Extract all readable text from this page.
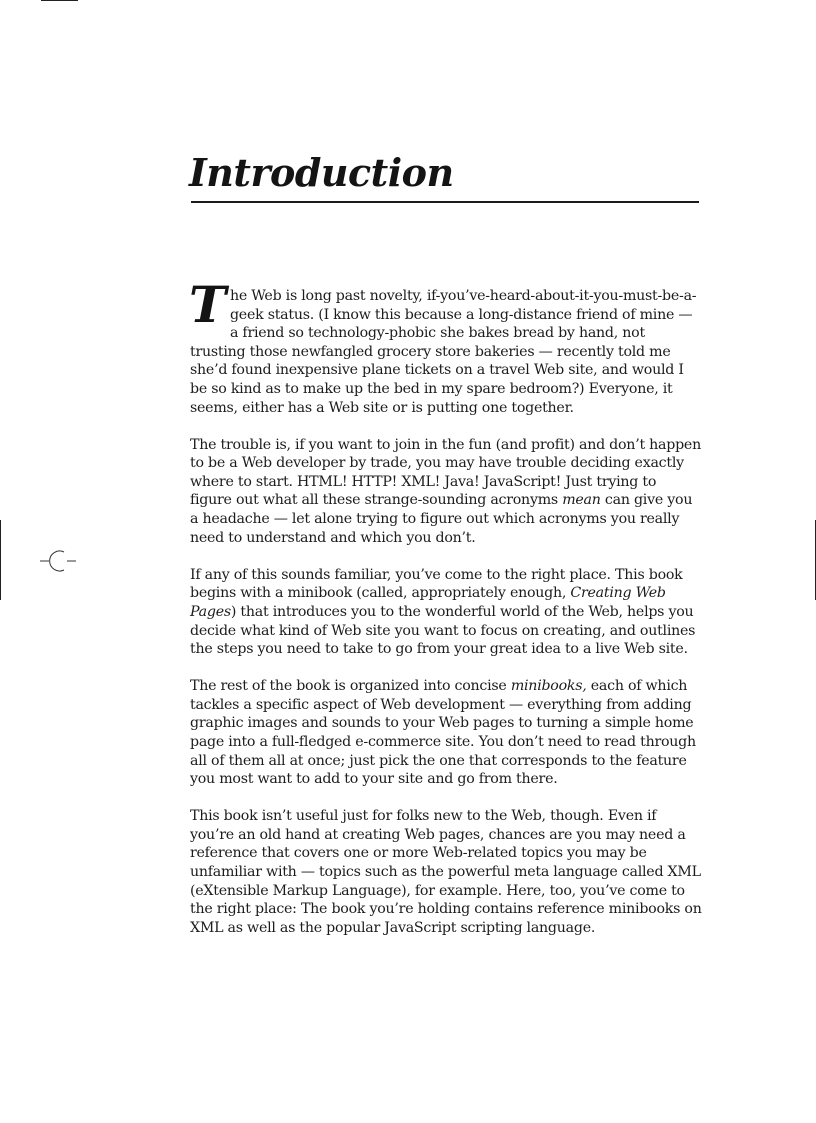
Introduction

The Web is long past novelty, if-you’ve-heard-about-it-you-must-be-a-geek status. (I know this because a long-distance friend of mine — a friend so technology-phobic she bakes bread by hand, not trusting those newfangled grocery store bakeries — recently told me she’d found inexpensive plane tickets on a travel Web site, and would I be so kind as to make up the bed in my spare bedroom?) Everyone, it seems, either has a Web site or is putting one together.

The trouble is, if you want to join in the fun (and profit) and don’t happen to be a Web developer by trade, you may have trouble deciding exactly where to start. HTML! HTTP! XML! Java! JavaScript! Just trying to figure out what all these strange-sounding acronyms mean can give you a headache — let alone trying to figure out which acronyms you really need to understand and which you don’t.

If any of this sounds familiar, you’ve come to the right place. This book begins with a minibook (called, appropriately enough, Creating Web Pages) that introduces you to the wonderful world of the Web, helps you decide what kind of Web site you want to focus on creating, and outlines the steps you need to take to go from your great idea to a live Web site.

The rest of the book is organized into concise minibooks, each of which tackles a specific aspect of Web development — everything from adding graphic images and sounds to your Web pages to turning a simple home page into a full-fledged e-commerce site. You don’t need to read through all of them all at once; just pick the one that corresponds to the feature you most want to add to your site and go from there.

This book isn’t useful just for folks new to the Web, though. Even if you’re an old hand at creating Web pages, chances are you may need a reference that covers one or more Web-related topics you may be unfamiliar with — topics such as the powerful meta language called XML (eXtensible Markup Language), for example. Here, too, you’ve come to the right place: The book you’re holding contains reference minibooks on XML as well as the popular JavaScript scripting language.
